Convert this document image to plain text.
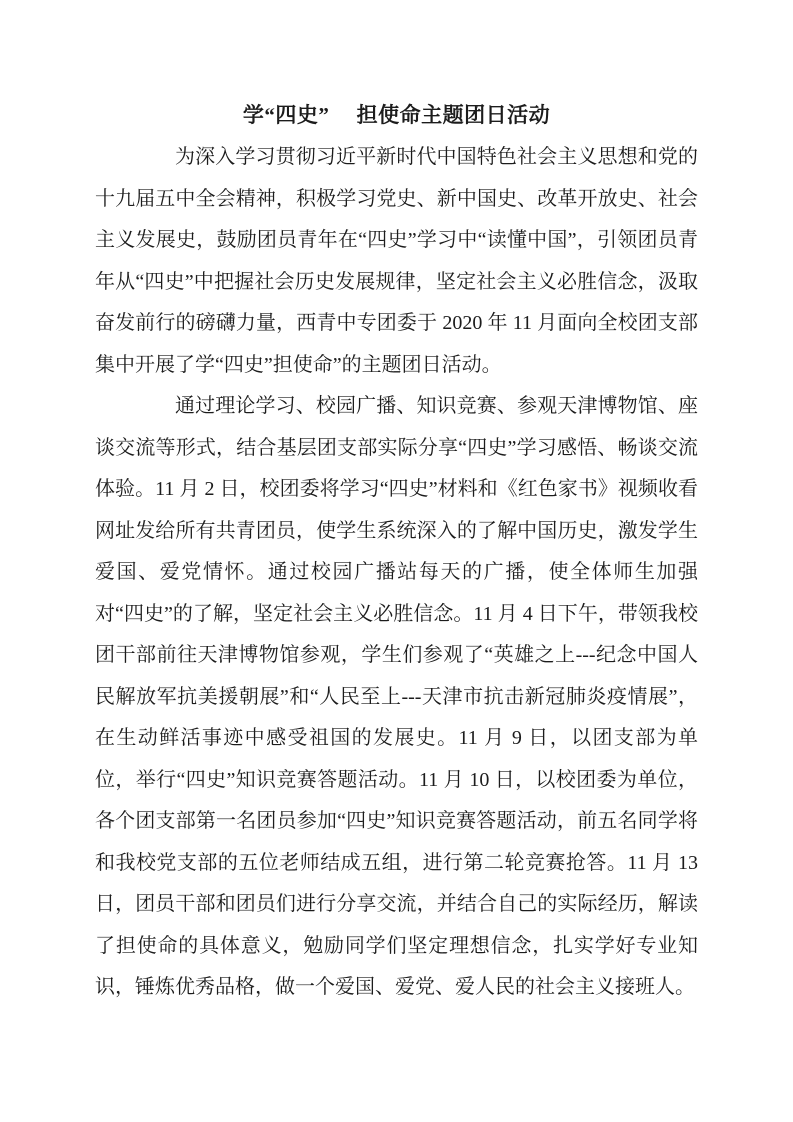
学“四史”　 担使命主题团日活动

为深入学习贯彻习近平新时代中国特色社会主义思想和党的十九届五中全会精神，积极学习党史、新中国史、改革开放史、社会主义发展史，鼓励团员青年在“四史”学习中“读懂中国”，引领团员青年从“四史”中把握社会历史发展规律，坚定社会主义必胜信念，汲取奋发前行的磅礴力量，西青中专团委于 2020 年 11 月面向全校团支部集中开展了学“四史”担使命”的主题团日活动。

通过理论学习、校园广播、知识竞赛、参观天津博物馆、座谈交流等形式，结合基层团支部实际分享“四史”学习感悟、畅谈交流体验。11 月 2 日，校团委将学习“四史”材料和《红色家书》视频收看网址发给所有共青团员，使学生系统深入的了解中国历史，激发学生爱国、爱党情怀。通过校园广播站每天的广播，使全体师生加强对“四史”的了解，坚定社会主义必胜信念。11 月 4 日下午，带领我校团干部前往天津博物馆参观，学生们参观了“英雄之上---纪念中国人民解放军抗美援朝展”和“人民至上---天津市抗击新冠肺炎疫情展”，在生动鲜活事迹中感受祖国的发展史。11 月 9 日，以团支部为单位，举行“四史”知识竞赛答题活动。11 月 10 日，以校团委为单位，各个团支部第一名团员参加“四史”知识竞赛答题活动，前五名同学将和我校党支部的五位老师结成五组，进行第二轮竞赛抢答。11 月 13 日，团员干部和团员们进行分享交流，并结合自己的实际经历，解读了担使命的具体意义，勉励同学们坚定理想信念，扎实学好专业知识，锤炼优秀品格，做一个爱国、爱党、爱人民的社会主义接班人。
